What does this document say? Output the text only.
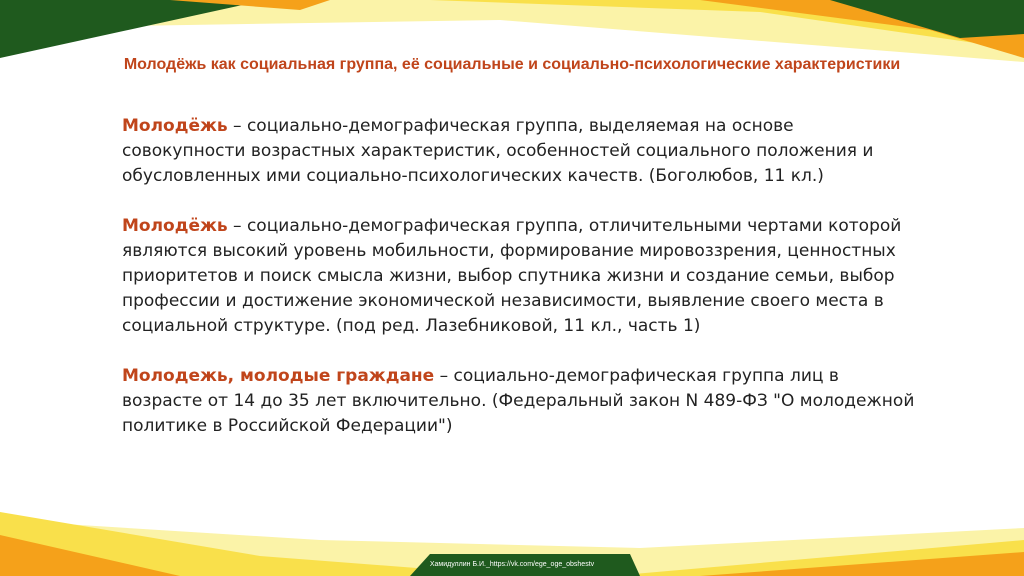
Молодёжь как социальная группа, её социальные и социально-психологические характеристики

Молодёжь – социально-демографическая группа, выделяемая на основе совокупности возрастных характеристик, особенностей социального положения и обусловленных ими социально-психологических качеств. (Боголюбов, 11 кл.)

Молодёжь – социально-демографическая группа, отличительными чертами которой являются высокий уровень мобильности, формирование мировоззрения, ценностных приоритетов и поиск смысла жизни, выбор спутника жизни и создание семьи, выбор профессии и достижение экономической независимости, выявление своего места в социальной структуре. (под ред. Лазебниковой, 11 кл., часть 1)

Молодежь, молодые граждане – социально-демографическая группа лиц в возрасте от 14 до 35 лет включительно. (Федеральный закон N 489-ФЗ "О молодежной политике в Российской Федерации")

Хамидуллин Б.И._https://vk.com/ege_oge_obshestv
